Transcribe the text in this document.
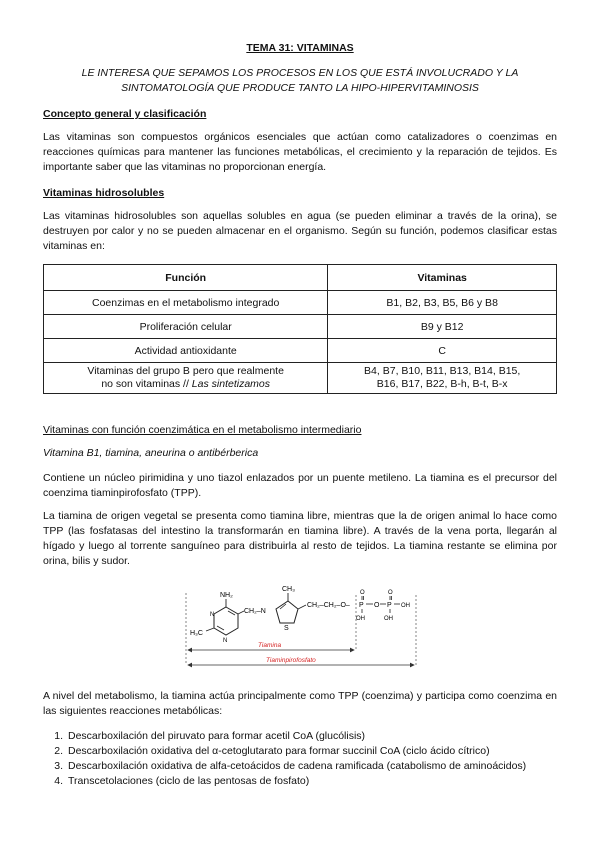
TEMA 31: VITAMINAS
LE INTERESA QUE SEPAMOS LOS PROCESOS EN LOS QUE ESTÁ INVOLUCRADO Y LA SINTOMATOLOGÍA QUE PRODUCE TANTO LA HIPO-HIPERVITAMINOSIS
Concepto general y clasificación
Las vitaminas son compuestos orgánicos esenciales que actúan como catalizadores o coenzimas en reacciones químicas para mantener las funciones metabólicas, el crecimiento y la reparación de tejidos. Es importante saber que las vitaminas no proporcionan energía.
Vitaminas hidrosolubles
Las vitaminas hidrosolubles son aquellas solubles en agua (se pueden eliminar a través de la orina), se destruyen por calor y no se pueden almacenar en el organismo. Según su función, podemos clasificar estas vitaminas en:
Función	Vitaminas
Coenzimas en el metabolismo integrado	B1, B2, B3, B5, B6 y B8
Proliferación celular	B9 y B12
Actividad antioxidante	C
Vitaminas del grupo B pero que realmente
no son vitaminas // Las sintetizamos	B4, B7, B10, B11, B13, B14, B15,
B16, B17, B22, B-h, B-t, B-x
Vitaminas con función coenzimática en el metabolismo intermediario
Vitamina B1, tiamina, aneurina o antibérberica
Contiene un núcleo pirimidina y uno tiazol enlazados por un puente metileno. La tiamina es el precursor del coenzima tiaminpirofosfato (TPP).
La tiamina de origen vegetal se presenta como tiamina libre, mientras que la de origen animal lo hace como TPP (las fosfatasas del intestino la transformarán en tiamina libre). A través de la vena porta, llegarán al hígado y luego al torrente sanguíneo para distribuirla al resto de tejidos. La tiamina restante se elimina por orina, bilis y sudor.
NH₂
N
N
H₃C
CH₂–N
CH₃
S
CH₂–CH₂–O– P
O
OH
O P
O
OH
OH
Tiamina
Tiaminpirofosfato
A nivel del metabolismo, la tiamina actúa principalmente como TPP (coenzima) y participa como coenzima en las siguientes reacciones metabólicas:
1. Descarboxilación del piruvato para formar acetil CoA (glucólisis)
2. Descarboxilación oxidativa del α-cetoglutarato para formar succinil CoA (ciclo ácido cítrico)
3. Descarboxilación oxidativa de alfa-cetoácidos de cadena ramificada (catabolismo de aminoácidos)
4. Transcetolaciones (ciclo de las pentosas de fosfato)
